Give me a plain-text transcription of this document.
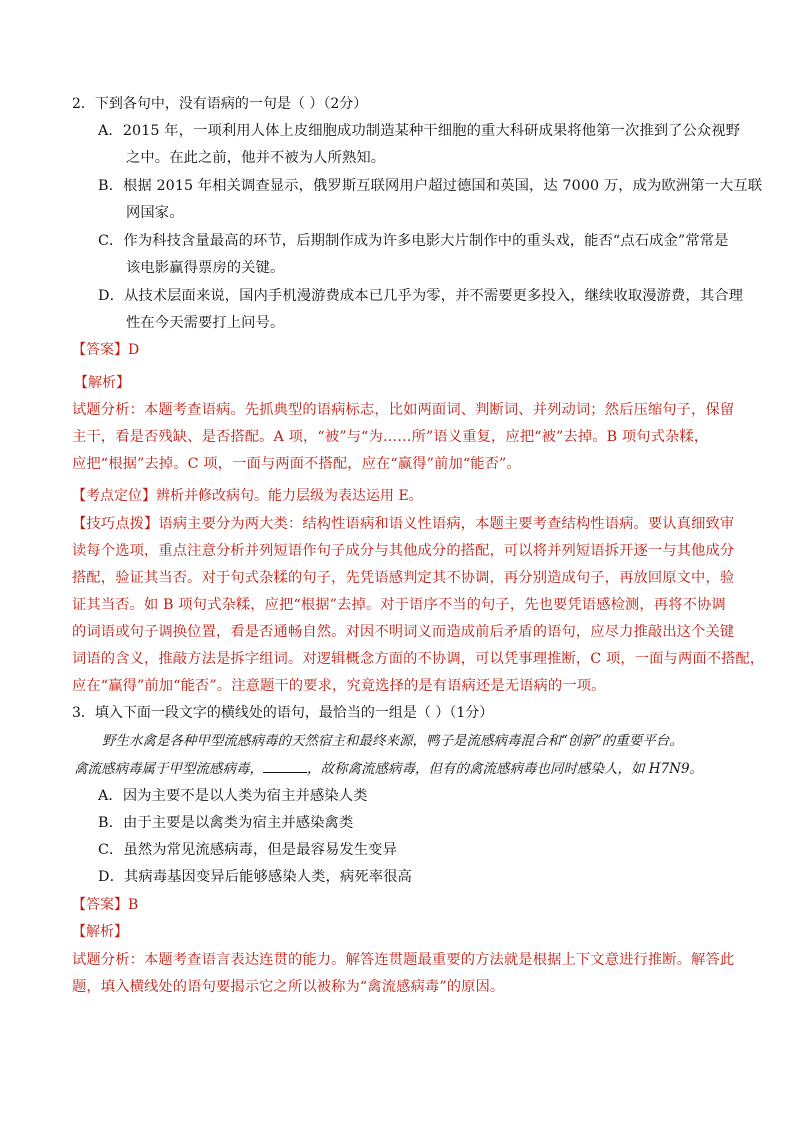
2．下到各句中，没有语病的一句是（ ）（2分）
A．2015 年，一项利用人体上皮细胞成功制造某种干细胞的重大科研成果将他第一次推到了公众视野
之中。在此之前，他并不被为人所熟知。
B．根据 2015 年相关调查显示，俄罗斯互联网用户超过德国和英国，达 7000 万，成为欧洲第一大互联
网国家。
C．作为科技含量最高的环节，后期制作成为许多电影大片制作中的重头戏，能否“点石成金”常常是
该电影赢得票房的关键。
D．从技术层面来说，国内手机漫游费成本已几乎为零，并不需要更多投入，继续收取漫游费，其合理
性在今天需要打上问号。
【答案】D
【解析】
试题分析：本题考查语病。先抓典型的语病标志，比如两面词、判断词、并列动词；然后压缩句子，保留
主干，看是否残缺、是否搭配。A 项，“被”与“为……所”语义重复，应把“被”去掉。B 项句式杂糅，
应把“根据”去掉。C 项，一面与两面不搭配，应在“赢得”前加“能否”。
【考点定位】辨析并修改病句。能力层级为表达运用 E。
【技巧点拨】语病主要分为两大类：结构性语病和语义性语病，本题主要考查结构性语病。要认真细致审
读每个选项，重点注意分析并列短语作句子成分与其他成分的搭配，可以将并列短语拆开逐一与其他成分
搭配，验证其当否。对于句式杂糅的句子，先凭语感判定其不协调，再分别造成句子，再放回原文中，验
证其当否。如 B 项句式杂糅，应把“根据”去掉。对于语序不当的句子，先也要凭语感检测，再将不协调
的词语或句子调换位置，看是否通畅自然。对因不明词义而造成前后矛盾的语句，应尽力推敲出这个关键
词语的含义，推敲方法是拆字组词。对逻辑概念方面的不协调，可以凭事理推断，C 项，一面与两面不搭配，
应在“赢得”前加“能否”。注意题干的要求，究竟选择的是有语病还是无语病的一项。
3．填入下面一段文字的横线处的语句，最恰当的一组是（ ）（1分）
野生水禽是各种甲型流感病毒的天然宿主和最终来源，鸭子是流感病毒混合和“创新”的重要平台。
禽流感病毒属于甲型流感病毒，	，故称禽流感病毒，但有的禽流感病毒也同时感染人，如 H7N9。
A．因为主要不是以人类为宿主并感染人类
B．由于主要是以禽类为宿主并感染禽类
C．虽然为常见流感病毒，但是最容易发生变异
D．其病毒基因变异后能够感染人类，病死率很高
【答案】B
【解析】
试题分析：本题考查语言表达连贯的能力。解答连贯题最重要的方法就是根据上下文意进行推断。解答此
题，填入横线处的语句要揭示它之所以被称为“禽流感病毒”的原因。
